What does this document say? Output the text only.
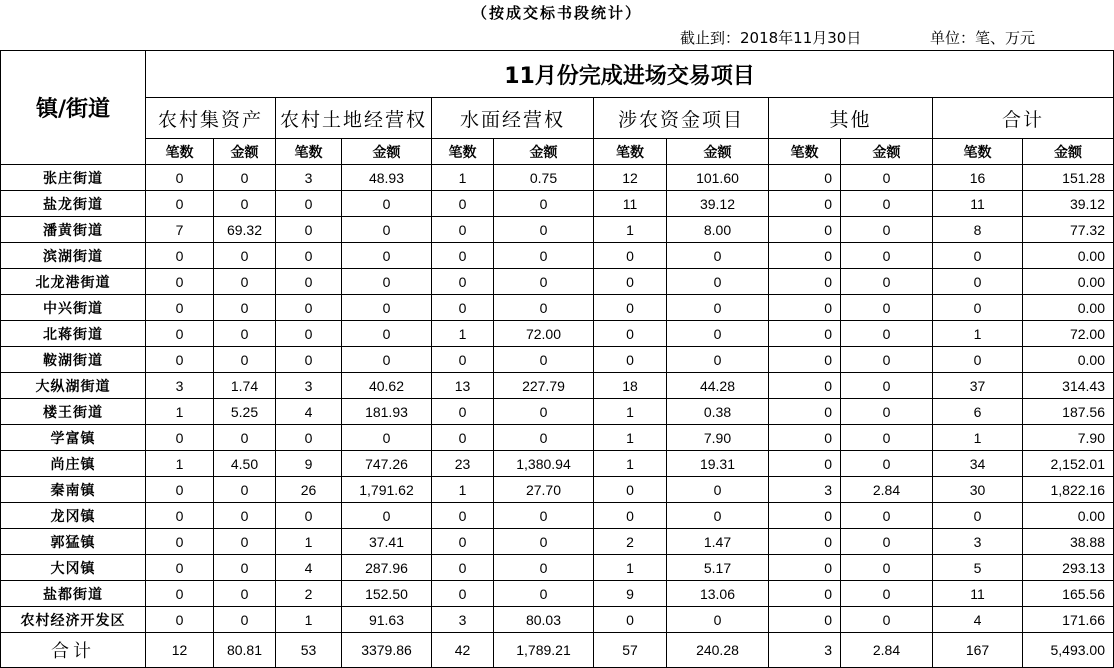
（按成交标书段统计）
截止到：2018年11月30日	单位：笔、万元
镇/街道	11月份完成进场交易项目											
	农村集资产		农村土地经营权		水面经营权		涉农资金项目		其他		合计	
	笔数	金额	笔数	金额	笔数	金额	笔数	金额	笔数	金额	笔数	金额
张庄街道	0	0	3	48.93	1	0.75	12	101.60	0	0	16	151.28
盐龙街道	0	0	0	0	0	0	11	39.12	0	0	11	39.12
潘黄街道	7	69.32	0	0	0	0	1	8.00	0	0	8	77.32
滨湖街道	0	0	0	0	0	0	0	0	0	0	0	0.00
北龙港街道	0	0	0	0	0	0	0	0	0	0	0	0.00
中兴街道	0	0	0	0	0	0	0	0	0	0	0	0.00
北蒋街道	0	0	0	0	1	72.00	0	0	0	0	1	72.00
鞍湖街道	0	0	0	0	0	0	0	0	0	0	0	0.00
大纵湖街道	3	1.74	3	40.62	13	227.79	18	44.28	0	0	37	314.43
楼王街道	1	5.25	4	181.93	0	0	1	0.38	0	0	6	187.56
学富镇	0	0	0	0	0	0	1	7.90	0	0	1	7.90
尚庄镇	1	4.50	9	747.26	23	1,380.94	1	19.31	0	0	34	2,152.01
秦南镇	0	0	26	1,791.62	1	27.70	0	0	3	2.84	30	1,822.16
龙冈镇	0	0	0	0	0	0	0	0	0	0	0	0.00
郭猛镇	0	0	1	37.41	0	0	2	1.47	0	0	3	38.88
大冈镇	0	0	4	287.96	0	0	1	5.17	0	0	5	293.13
盐都街道	0	0	2	152.50	0	0	9	13.06	0	0	11	165.56
农村经济开发区	0	0	1	91.63	3	80.03	0	0	0	0	4	171.66
合计	12	80.81	53	3379.86	42	1,789.21	57	240.28	3	2.84	167	5,493.00
